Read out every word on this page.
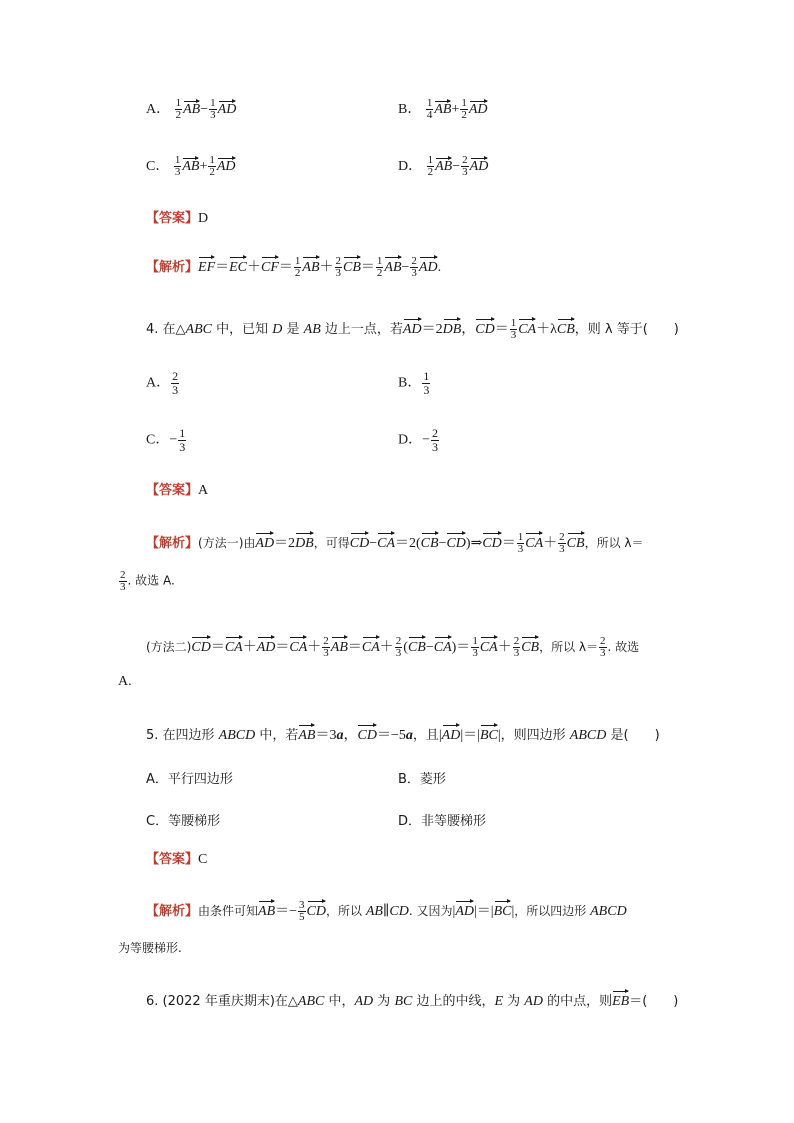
A． $\frac{1}{2} AB- \frac{1}{3}$ AD	B． $\frac{1}{4} AB+ \frac{1}{2}$ AD
C． $\frac{1}{3} AB+ \frac{1}{2}$ AD	D． $\frac{1}{2} AB- \frac{2}{3}$ AD
【答案】D
【解析】$EF=EC+CF= \frac{1}{2} AB+ \frac{2}{3} CB= \frac{1}{2} AB- \frac{2}{3}$ AD.
4. 在△ABC 中，已知 D 是 AB 边上一点，若AD＝2DB，$CD= \frac{1}{3} CA+\lambda CB$，则 λ 等于(　　)
A． $\frac{2}{3}$	B． $\frac{1}{3}$
C．− $\frac{1}{3}$	D．− $\frac{2}{3}$
【答案】A
【解析】(方法一)由AD＝2DB，可得CD−CA＝2(CB−CD)⇒CD＝ $\frac{1}{3} CA+ \frac{2}{3}$ CB，所以 λ＝
$\frac{2}{3}$ . 故选 A.
(方法二)$CD=CA+AD=CA+ \frac{2}{3} AB=CA+ \frac{2}{3} (CB-CA)= \frac{1}{3} CA+ \frac{2}{3}$ CB，所以 $\lambda= \frac{2}{3}$ . 故选
A.
5. 在四边形 ABCD 中，若AB＝3a，CD＝−5a，且|AD|＝|BC|，则四边形 ABCD 是(　　)
A．平行四边形	B．菱形
C．等腰梯形	D．非等腰梯形
【答案】C
【解析】由条件可知$AB=- \frac{3}{5}$ CD，所以 AB∥CD. 又因为|AD|＝|BC|，所以四边形 ABCD
为等腰梯形.
6. (2022 年重庆期末)在△ABC 中，AD 为 BC 边上的中线，E 为 AD 的中点，则EB＝(　　)
